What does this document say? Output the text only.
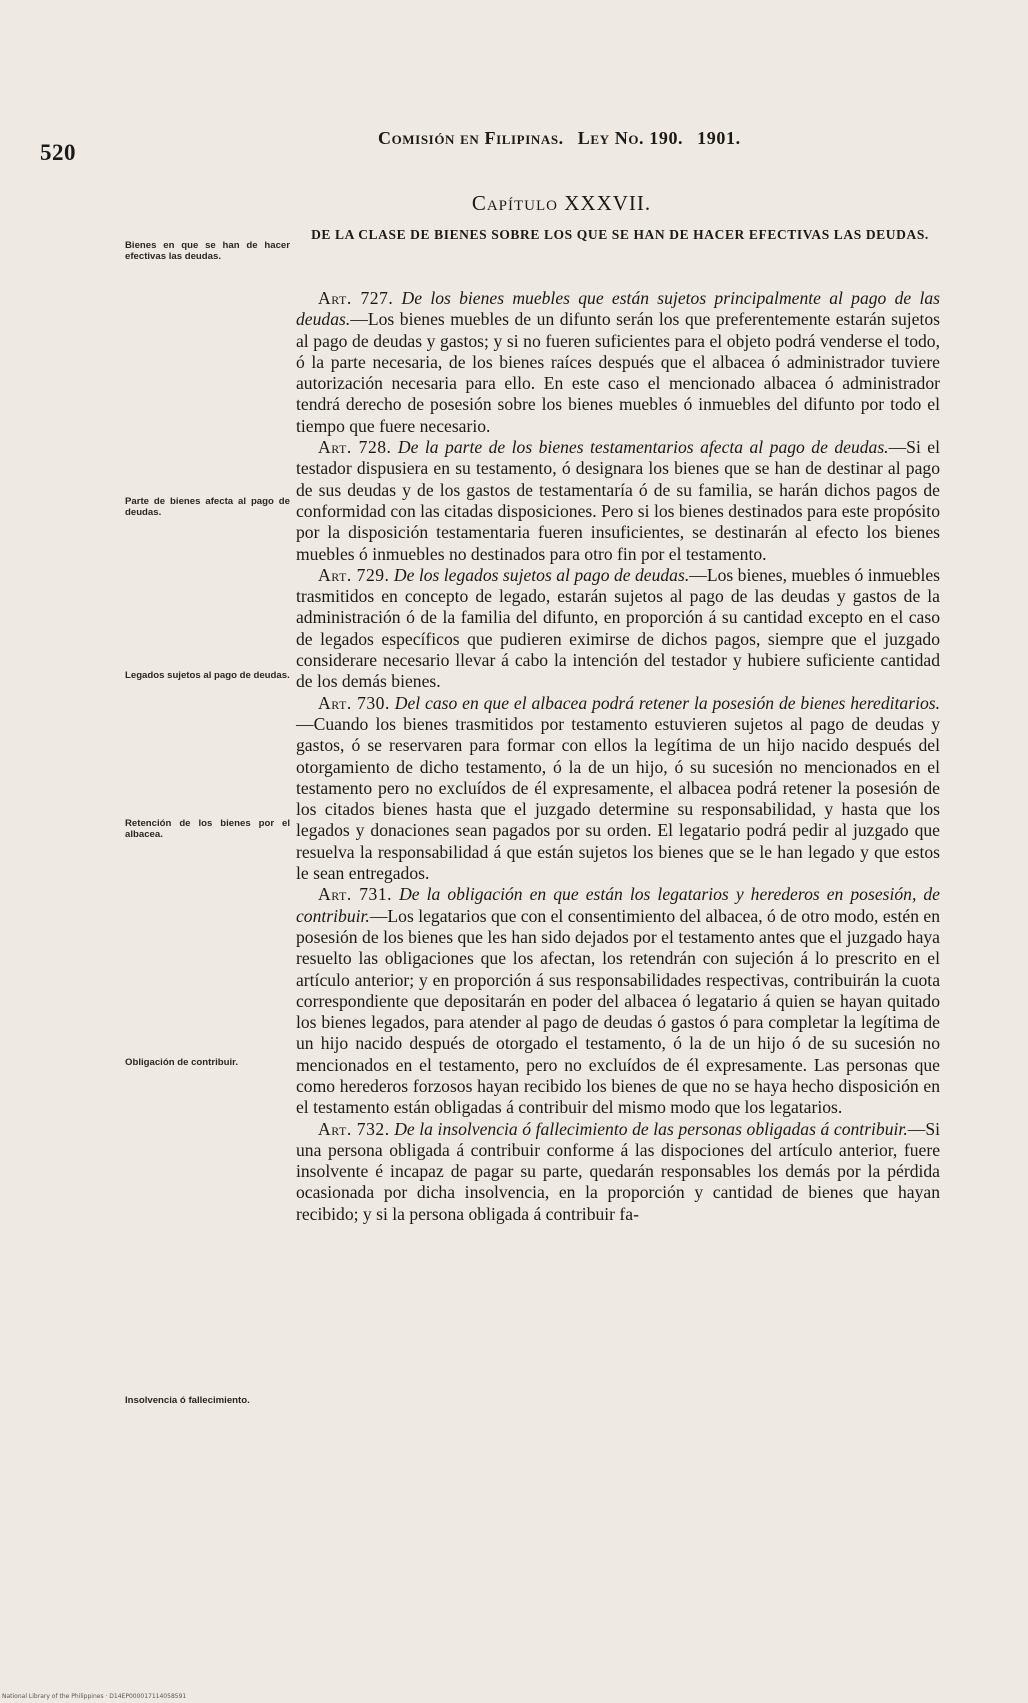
520
Comisión en Filipinas. Ley No. 190. 1901.
Capítulo XXXVII.
DE LA CLASE DE BIENES SOBRE LOS QUE SE HAN DE HACER EFECTIVAS LAS DEUDAS.
Bienes en que se han de hacer efectivas las deudas.
Parte de bienes afecta al pago de deudas.
Legados sujetos al pago de deudas.
Retención de los bienes por el albacea.
Obligación de contribuir.
Insolvencia ó fallecimiento.

Art. 727. De los bienes muebles que están sujetos principalmente al pago de las deudas.—Los bienes muebles de un difunto serán los que preferentemente estarán sujetos al pago de deudas y gastos; y si no fueren suficientes para el objeto podrá venderse el todo, ó la parte necesaria, de los bienes raíces después que el albacea ó administrador tuviere autorización necesaria para ello. En este caso el mencionado albacea ó administrador tendrá derecho de posesión sobre los bienes muebles ó inmuebles del difunto por todo el tiempo que fuere necesario.

Art. 728. De la parte de los bienes testamentarios afecta al pago de deudas.—Si el testador dispusiera en su testamento, ó designara los bienes que se han de destinar al pago de sus deudas y de los gastos de testamentaría ó de su familia, se harán dichos pagos de conformidad con las citadas disposiciones. Pero si los bienes destinados para este propósito por la disposición testamentaria fueren insuficientes, se destinarán al efecto los bienes muebles ó inmuebles no destinados para otro fin por el testamento.

Art. 729. De los legados sujetos al pago de deudas.—Los bienes, muebles ó inmuebles trasmitidos en concepto de legado, estarán sujetos al pago de las deudas y gastos de la administración ó de la familia del difunto, en proporción á su cantidad excepto en el caso de legados específicos que pudieren eximirse de dichos pagos, siempre que el juzgado considerare necesario llevar á cabo la intención del testador y hubiere suficiente cantidad de los demás bienes.

Art. 730. Del caso en que el albacea podrá retener la posesión de bienes hereditarios.—Cuando los bienes trasmitidos por testamento estuvieren sujetos al pago de deudas y gastos, ó se reservaren para formar con ellos la legítima de un hijo nacido después del otorgamiento de dicho testamento, ó la de un hijo, ó su sucesión no mencionados en el testamento pero no excluídos de él expresamente, el albacea podrá retener la posesión de los citados bienes hasta que el juzgado determine su responsabilidad, y hasta que los legados y donaciones sean pagados por su orden. El legatario podrá pedir al juzgado que resuelva la responsabilidad á que están sujetos los bienes que se le han legado y que estos le sean entregados.

Art. 731. De la obligación en que están los legatarios y herederos en posesión, de contribuir.—Los legatarios que con el consentimiento del albacea, ó de otro modo, estén en posesión de los bienes que les han sido dejados por el testamento antes que el juzgado haya resuelto las obligaciones que los afectan, los retendrán con sujeción á lo prescrito en el artículo anterior; y en proporción á sus responsabilidades respectivas, contribuirán la cuota correspondiente que depositarán en poder del albacea ó legatario á quien se hayan quitado los bienes legados, para atender al pago de deudas ó gastos ó para completar la legítima de un hijo nacido después de otorgado el testamento, ó la de un hijo ó de su sucesión no mencionados en el testamento, pero no excluídos de él expresamente. Las personas que como herederos forzosos hayan recibido los bienes de que no se haya hecho disposición en el testamento están obligadas á contribuir del mismo modo que los legatarios.

Art. 732. De la insolvencia ó fallecimiento de las personas obligadas á contribuir.—Si una persona obligada á contribuir conforme á las dispociones del artículo anterior, fuere insolvente é incapaz de pagar su parte, quedarán responsables los demás por la pérdida ocasionada por dicha insolvencia, en la proporción y cantidad de bienes que hayan recibido; y si la persona obligada á contribuir fa-

National Library of the Philippines · D14EP000017114058591
